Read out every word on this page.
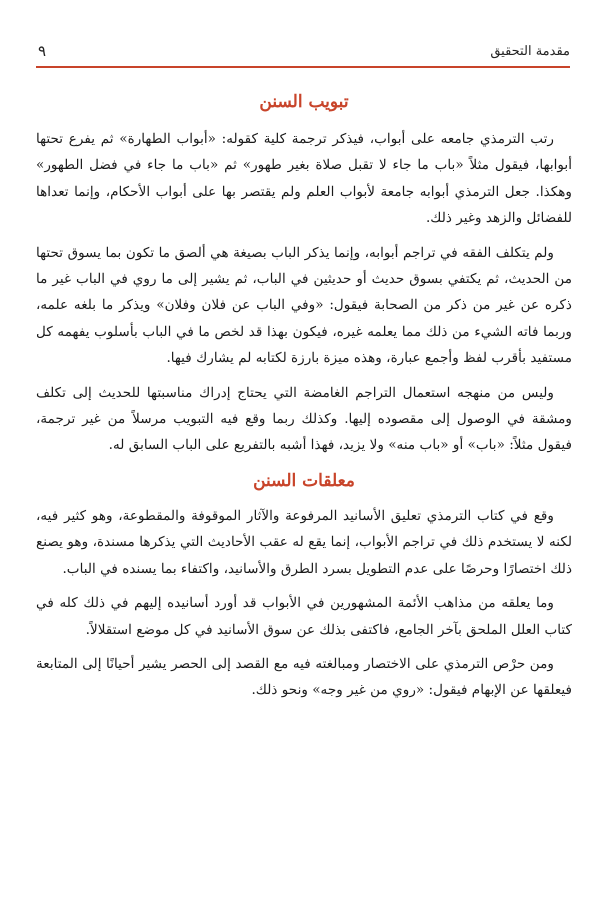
مقدمة التحقيق
٩
تبويب السنن

رتب الترمذي جامعه على أبواب، فيذكر ترجمة كلية كقوله: «أبواب الطهارة» ثم يفرع تحتها أبوابها، فيقول مثلاً «باب ما جاء لا تقبل صلاة بغير طهور» ثم «باب ما جاء في فضل الطهور» وهكذا. جعل الترمذي أبوابه جامعة لأبواب العلم ولم يقتصر بها على أبواب الأحكام، وإنما تعداها للفضائل والزهد وغير ذلك.

ولم يتكلف الفقه في تراجم أبوابه، وإنما يذكر الباب بصيغة هي ألصق ما تكون بما يسوق تحتها من الحديث، ثم يكتفي بسوق حديث أو حديثين في الباب، ثم يشير إلى ما روي في الباب غير ما ذكره عن غير من ذكر من الصحابة فيقول: «وفي الباب عن فلان وفلان» ويذكر ما بلغه علمه، وربما فاته الشيء من ذلك مما يعلمه غيره، فيكون بهذا قد لخص ما في الباب بأسلوب يفهمه كل مستفيد بأقرب لفظ وأجمع عبارة، وهذه ميزة بارزة لكتابه لم يشارك فيها.

وليس من منهجه استعمال التراجم الغامضة التي يحتاج إدراك مناسبتها للحديث إلى تكلف ومشقة في الوصول إلى مقصوده إليها. وكذلك ربما وقع فيه التبويب مرسلاً من غير ترجمة، فيقول مثلاً: «باب» أو «باب منه» ولا يزيد، فهذا أشبه بالتفريع على الباب السابق له.

معلقات السنن

وقع في كتاب الترمذي تعليق الأسانيد المرفوعة والآثار الموقوفة والمقطوعة، وهو كثير فيه، لكنه لا يستخدم ذلك في تراجم الأبواب، إنما يقع له عقب الأحاديث التي يذكرها مسندة، وهو يصنع ذلك اختصارًا وحرصًا على عدم التطويل بسرد الطرق والأسانيد، واكتفاء بما يسنده في الباب.

وما يعلقه من مذاهب الأئمة المشهورين في الأبواب قد أورد أسانيده إليهم في ذلك كله في كتاب العلل الملحق بآخر الجامع، فاكتفى بذلك عن سوق الأسانيد في كل موضع استقلالاً.

ومن حرْص الترمذي على الاختصار ومبالغته فيه مع القصد إلى الحصر يشير أحيانًا إلى المتابعة فيعلقها عن الإبهام فيقول: «روي من غير وجه» ونحو ذلك.
